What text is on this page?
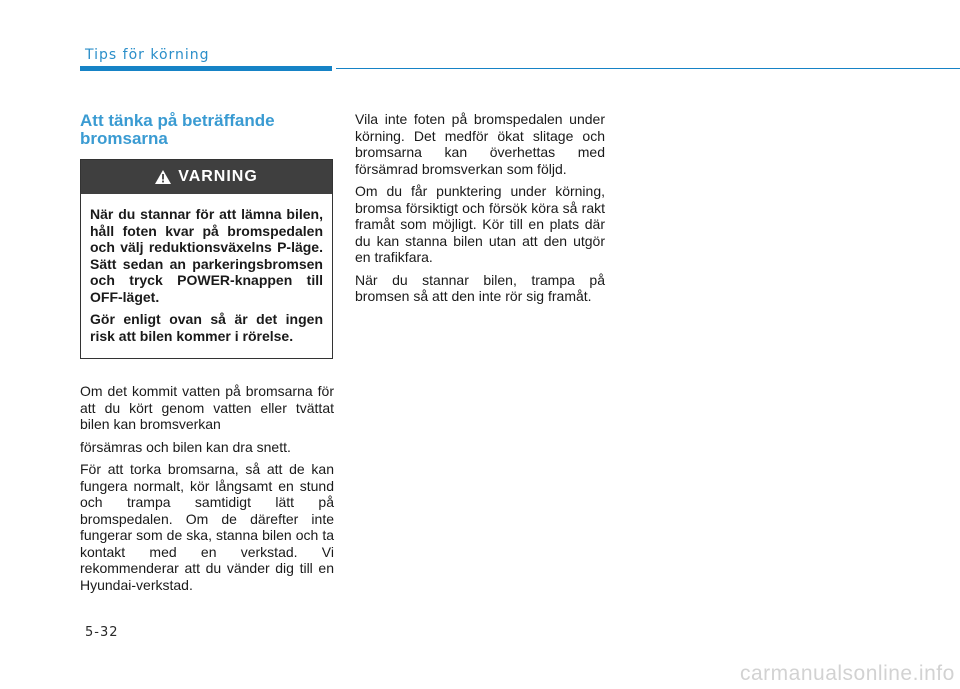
Tips för körning
Att tänka på beträffande
bromsarna
VARNING

När du stannar för att lämna bilen, håll foten kvar på bromspedalen och välj reduktionsväxelns P-läge. Sätt sedan an parkeringsbromsen och tryck POWER-knappen till OFF-läget.

Gör enligt ovan så är det ingen risk att bilen kommer i rörelse.

Om det kommit vatten på bromsarna för att du kört genom vatten eller tvättat bilen kan bromsverkan

försämras och bilen kan dra snett.

För att torka bromsarna, så att de kan fungera normalt, kör långsamt en stund och trampa samtidigt lätt på bromspedalen. Om de därefter inte fungerar som de ska, stanna bilen och ta kontakt med en verkstad. Vi rekommenderar att du vänder dig till en Hyundai-verkstad.

Vila inte foten på bromspedalen under körning. Det medför ökat slitage och bromsarna kan överhettas med försämrad bromsverkan som följd.

Om du får punktering under körning, bromsa försiktigt och försök köra så rakt framåt som möjligt. Kör till en plats där du kan stanna bilen utan att den utgör en trafikfara.

När du stannar bilen, trampa på bromsen så att den inte rör sig framåt.

5-32
carmanualsonline.info
